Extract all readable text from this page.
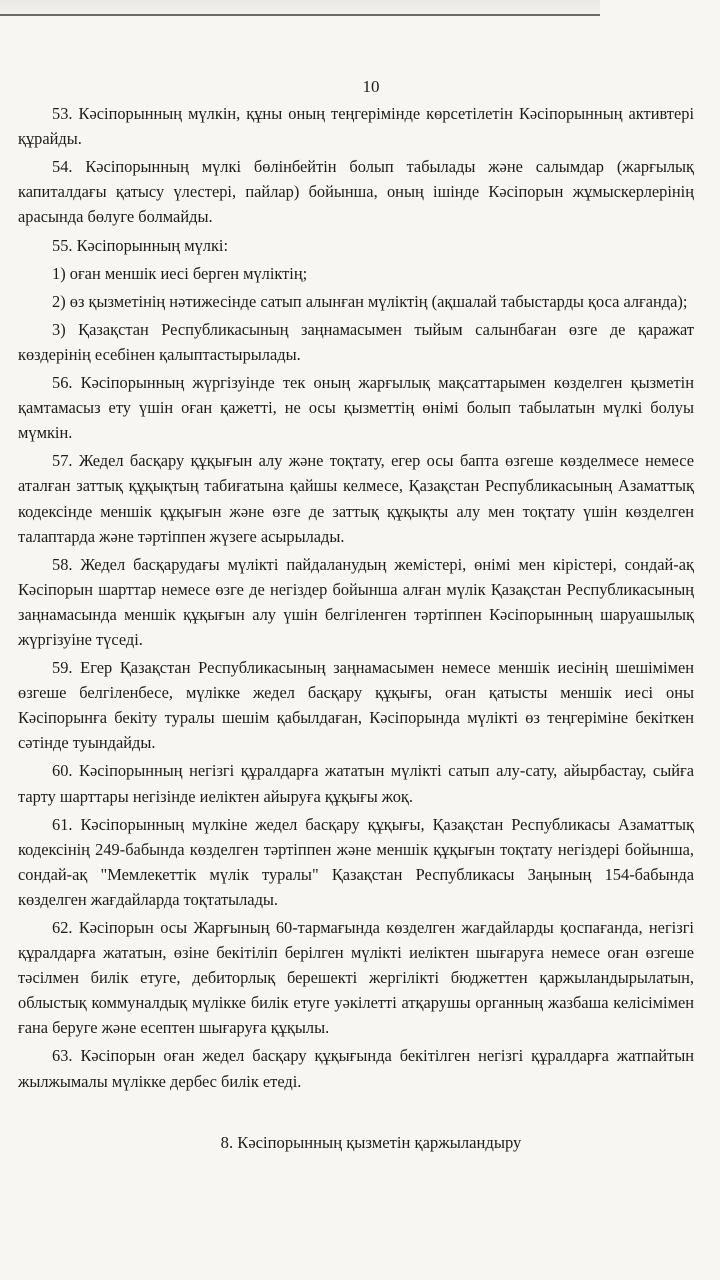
10

53. Кәсіпорынның мүлкін, құны оның теңгерімінде көрсетілетін Кәсіпорынның активтері құрайды.

54. Кәсіпорынның мүлкі бөлінбейтін болып табылады және салымдар (жарғылық капиталдағы қатысу үлестері, пайлар) бойынша, оның ішінде Кәсіпорын жұмыскерлерінің арасында бөлуге болмайды.

55. Кәсіпорынның мүлкі:

1) оған меншік иесі берген мүліктің;

2) өз қызметінің нәтижесінде сатып алынған мүліктің (ақшалай табыстарды қоса алғанда);

3) Қазақстан Республикасының заңнамасымен тыйым салынбаған өзге де қаражат көздерінің есебінен қалыптастырылады.

56. Кәсіпорынның жүргізуінде тек оның жарғылық мақсаттарымен көзделген қызметін қамтамасыз ету үшін оған қажетті, не осы қызметтің өнімі болып табылатын мүлкі болуы мүмкін.

57. Жедел басқару құқығын алу және тоқтату, егер осы бапта өзгеше көзделмесе немесе аталған заттық құқықтың табиғатына қайшы келмесе, Қазақстан Республикасының Азаматтық кодексінде меншік құқығын және өзге де заттық құқықты алу мен тоқтату үшін көзделген талаптарда және тәртіппен жүзеге асырылады.

58. Жедел басқарудағы мүлікті пайдаланудың жемістері, өнімі мен кірістері, сондай-ақ Кәсіпорын шарттар немесе өзге де негіздер бойынша алған мүлік Қазақстан Республикасының заңнамасында меншік құқығын алу үшін белгіленген тәртіппен Кәсіпорынның шаруашылық жүргізуіне түседі.

59. Егер Қазақстан Республикасының заңнамасымен немесе меншік иесінің шешімімен өзгеше белгіленбесе, мүлікке жедел басқару құқығы, оған қатысты меншік иесі оны Кәсіпорынға бекіту туралы шешім қабылдаған, Кәсіпорында мүлікті өз теңгеріміне бекіткен сәтінде туындайды.

60. Кәсіпорынның негізгі құралдарға жататын мүлікті сатып алу-сату, айырбастау, сыйға тарту шарттары негізінде иеліктен айыруға құқығы жоқ.

61. Кәсіпорынның мүлкіне жедел басқару құқығы, Қазақстан Республикасы Азаматтық кодексінің 249-бабында көзделген тәртіппен және меншік құқығын тоқтату негіздері бойынша, сондай-ақ "Мемлекеттік мүлік туралы" Қазақстан Республикасы Заңының 154-бабында көзделген жағдайларда тоқтатылады.

62. Кәсіпорын осы Жарғының 60-тармағында көзделген жағдайларды қоспағанда, негізгі құралдарға жататын, өзіне бекітіліп берілген мүлікті иеліктен шығаруға немесе оған өзгеше тәсілмен билік етуге, дебиторлық берешекті жергілікті бюджеттен қаржыландырылатын, облыстық коммуналдық мүлікке билік етуге уәкілетті атқарушы органның жазбаша келісімімен ғана беруге және есептен шығаруға құқылы.

63. Кәсіпорын оған жедел басқару құқығында бекітілген негізгі құралдарға жатпайтын жылжымалы мүлікке дербес билік етеді.

8. Кәсіпорынның қызметін қаржыландыру
